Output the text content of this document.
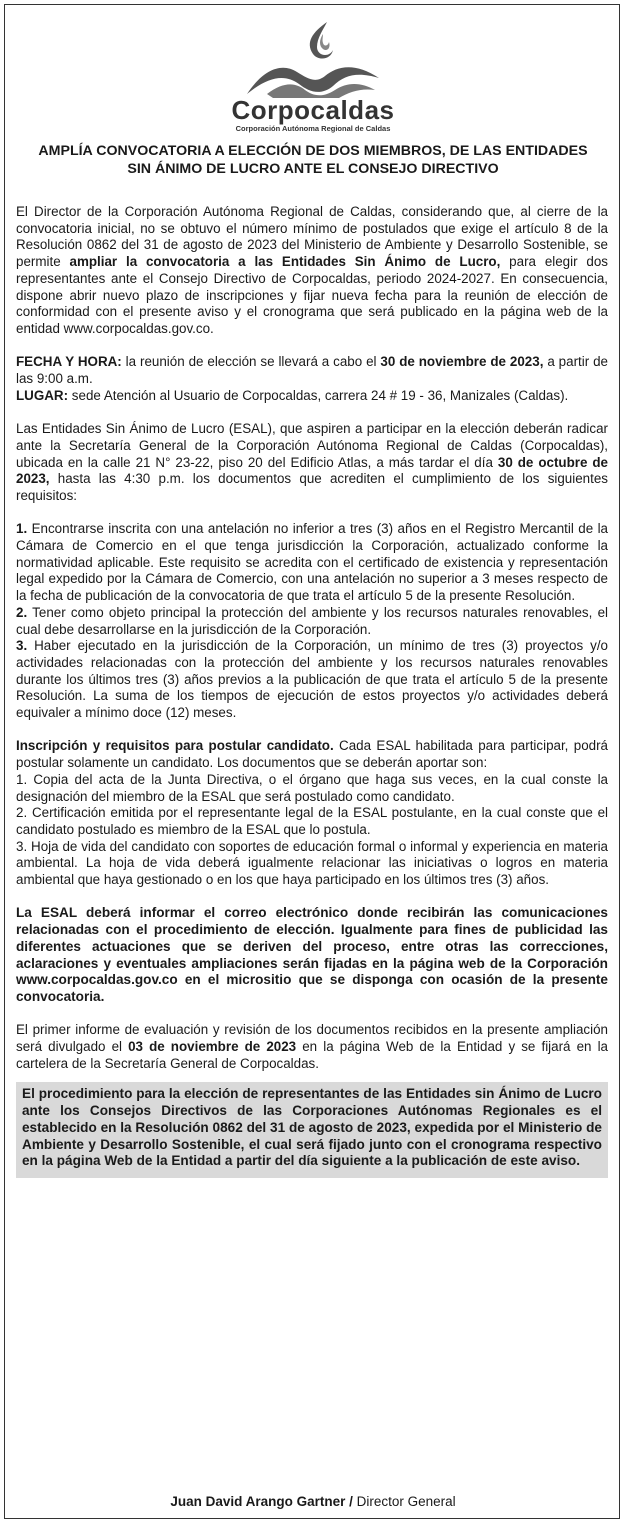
Corpocaldas
Corporación Autónoma Regional de Caldas
AMPLÍA CONVOCATORIA A ELECCIÓN DE DOS MIEMBROS, DE LAS ENTIDADES
SIN ÁNIMO DE LUCRO ANTE EL CONSEJO DIRECTIVO

El Director de la Corporación Autónoma Regional de Caldas, considerando que, al cierre de la convocatoria inicial, no se obtuvo el número mínimo de postulados que exige el artículo 8 de la Resolución 0862 del 31 de agosto de 2023 del Ministerio de Ambiente y Desarrollo Sostenible, se permite ampliar la convocatoria a las Entidades Sin Ánimo de Lucro, para elegir dos representantes ante el Consejo Directivo de Corpocaldas, periodo 2024-2027. En consecuencia, dispone abrir nuevo plazo de inscripciones y fijar nueva fecha para la reunión de elección de conformidad con el presente aviso y el cronograma que será publicado en la página web de la entidad www.corpocaldas.gov.co.

FECHA Y HORA: la reunión de elección se llevará a cabo el 30 de noviembre de 2023, a partir de las 9:00 a.m.

LUGAR: sede Atención al Usuario de Corpocaldas, carrera 24 # 19 - 36, Manizales (Caldas).

Las Entidades Sin Ánimo de Lucro (ESAL), que aspiren a participar en la elección deberán radicar ante la Secretaría General de la Corporación Autónoma Regional de Caldas (Corpocaldas), ubicada en la calle 21 N° 23-22, piso 20 del Edificio Atlas, a más tardar el día 30 de octubre de 2023, hasta las 4:30 p.m. los documentos que acrediten el cumplimiento de los siguientes requisitos:

1. Encontrarse inscrita con una antelación no inferior a tres (3) años en el Registro Mercantil de la Cámara de Comercio en el que tenga jurisdicción la Corporación, actualizado conforme la normatividad aplicable. Este requisito se acredita con el certificado de existencia y representación legal expedido por la Cámara de Comercio, con una antelación no superior a 3 meses respecto de la fecha de publicación de la convocatoria de que trata el artículo 5 de la presente Resolución.

2. Tener como objeto principal la protección del ambiente y los recursos naturales renovables, el cual debe desarrollarse en la jurisdicción de la Corporación.

3. Haber ejecutado en la jurisdicción de la Corporación, un mínimo de tres (3) proyectos y/o actividades relacionadas con la protección del ambiente y los recursos naturales renovables durante los últimos tres (3) años previos a la publicación de que trata el artículo 5 de la presente Resolución. La suma de los tiempos de ejecución de estos proyectos y/o actividades deberá equivaler a mínimo doce (12) meses.

Inscripción y requisitos para postular candidato. Cada ESAL habilitada para participar, podrá postular solamente un candidato. Los documentos que se deberán aportar son:

1. Copia del acta de la Junta Directiva, o el órgano que haga sus veces, en la cual conste la designación del miembro de la ESAL que será postulado como candidato.

2. Certificación emitida por el representante legal de la ESAL postulante, en la cual conste que el candidato postulado es miembro de la ESAL que lo postula.

3. Hoja de vida del candidato con soportes de educación formal o informal y experiencia en materia ambiental. La hoja de vida deberá igualmente relacionar las iniciativas o logros en materia ambiental que haya gestionado o en los que haya participado en los últimos tres (3) años.

La ESAL deberá informar el correo electrónico donde recibirán las comunicaciones relacionadas con el procedimiento de elección. Igualmente para fines de publicidad las diferentes actuaciones que se deriven del proceso, entre otras las correcciones, aclaraciones y eventuales ampliaciones serán fijadas en la página web de la Corporación www.corpocaldas.gov.co en el micrositio que se disponga con ocasión de la presente convocatoria.

El primer informe de evaluación y revisión de los documentos recibidos en la presente ampliación será divulgado el 03 de noviembre de 2023 en la página Web de la Entidad y se fijará en la cartelera de la Secretaría General de Corpocaldas.

El procedimiento para la elección de representantes de las Entidades sin Ánimo de Lucro ante los Consejos Directivos de las Corporaciones Autónomas Regionales es el establecido en la Resolución 0862 del 31 de agosto de 2023, expedida por el Ministerio de Ambiente y Desarrollo Sostenible, el cual será fijado junto con el cronograma respectivo en la página Web de la Entidad a partir del día siguiente a la publicación de este aviso.

Juan David Arango Gartner / Director General
